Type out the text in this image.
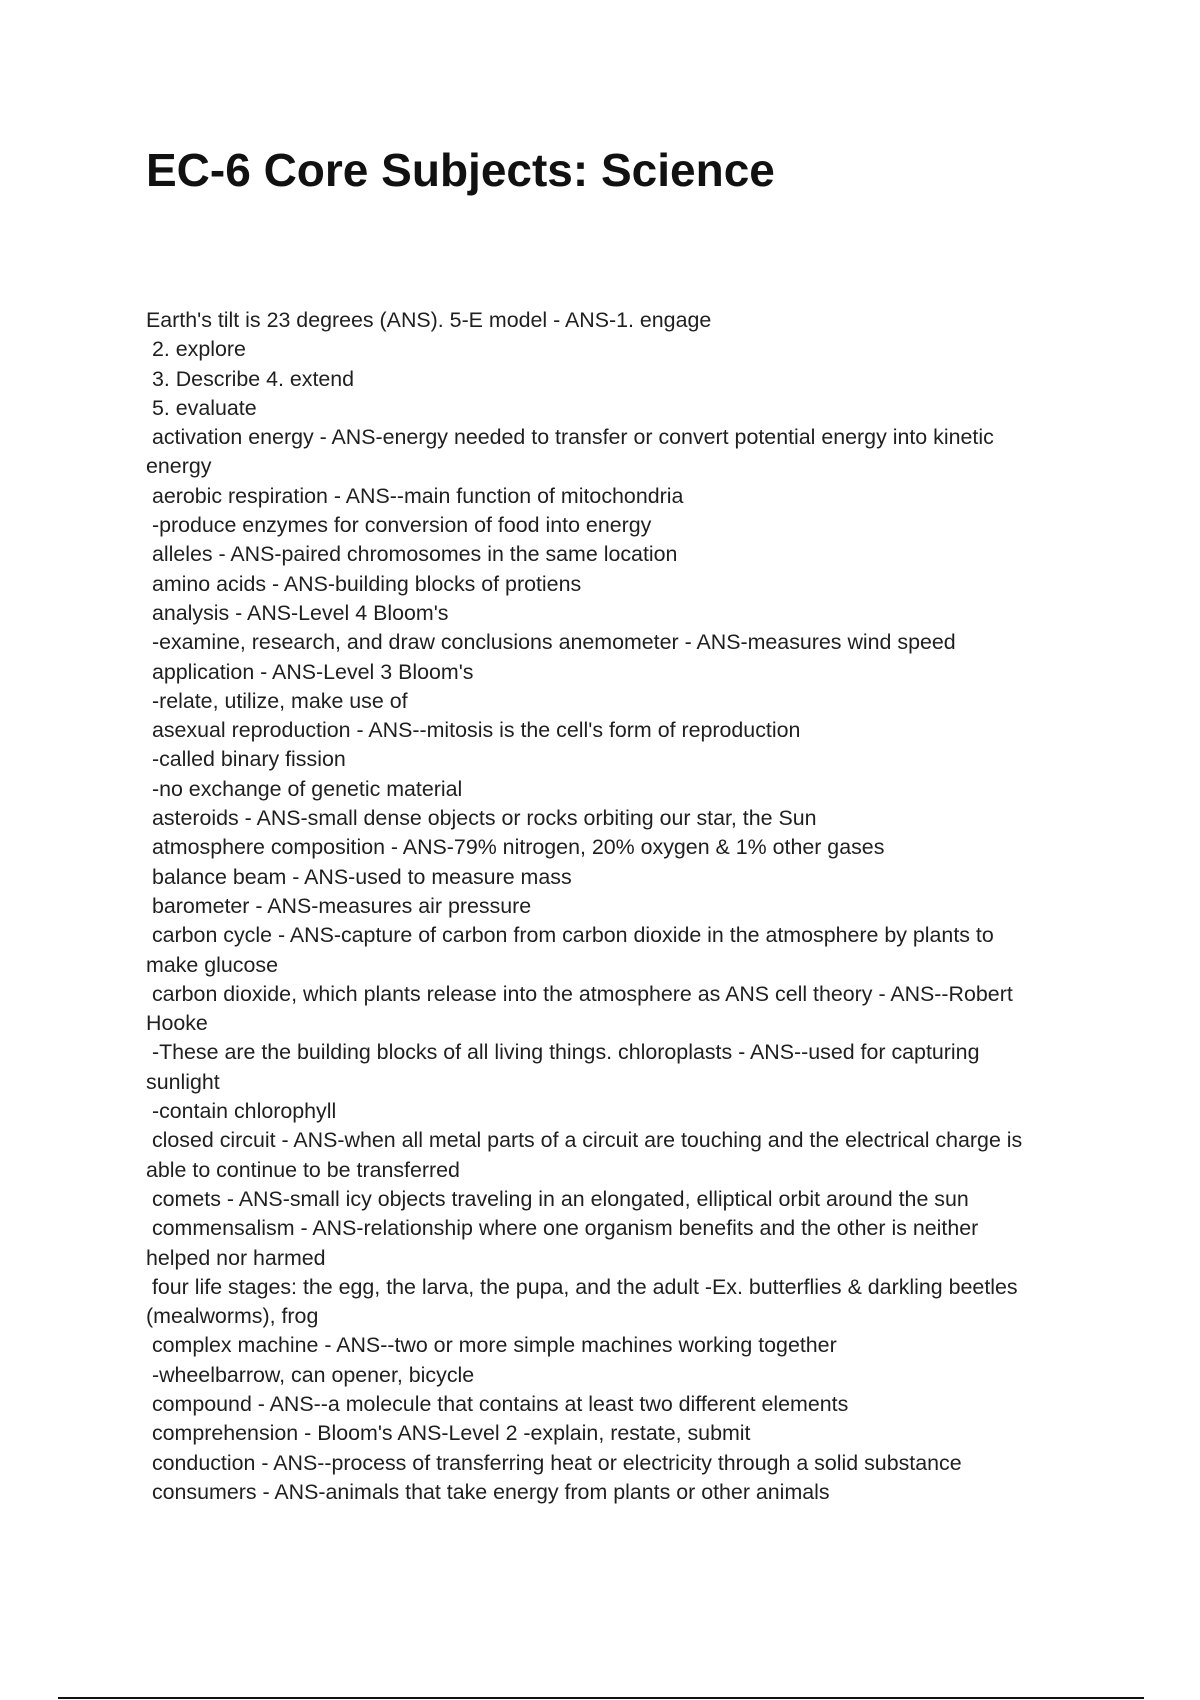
EC-6 Core Subjects: Science
Earth's tilt is 23 degrees (ANS). 5-E model - ANS-1. engage
2. explore
3. Describe 4. extend
5. evaluate
activation energy - ANS-energy needed to transfer or convert potential energy into kinetic
energy
aerobic respiration - ANS--main function of mitochondria
-produce enzymes for conversion of food into energy
alleles - ANS-paired chromosomes in the same location
amino acids - ANS-building blocks of protiens
analysis - ANS-Level 4 Bloom's
-examine, research, and draw conclusions anemometer - ANS-measures wind speed
application - ANS-Level 3 Bloom's
-relate, utilize, make use of
asexual reproduction - ANS--mitosis is the cell's form of reproduction
-called binary fission
-no exchange of genetic material
asteroids - ANS-small dense objects or rocks orbiting our star, the Sun
atmosphere composition - ANS-79% nitrogen, 20% oxygen & 1% other gases
balance beam - ANS-used to measure mass
barometer - ANS-measures air pressure
carbon cycle - ANS-capture of carbon from carbon dioxide in the atmosphere by plants to
make glucose
carbon dioxide, which plants release into the atmosphere as ANS cell theory - ANS--Robert
Hooke
-These are the building blocks of all living things. chloroplasts - ANS--used for capturing
sunlight
-contain chlorophyll
closed circuit - ANS-when all metal parts of a circuit are touching and the electrical charge is
able to continue to be transferred
comets - ANS-small icy objects traveling in an elongated, elliptical orbit around the sun
commensalism - ANS-relationship where one organism benefits and the other is neither
helped nor harmed
four life stages: the egg, the larva, the pupa, and the adult -Ex. butterflies & darkling beetles
(mealworms), frog
complex machine - ANS--two or more simple machines working together
-wheelbarrow, can opener, bicycle
compound - ANS--a molecule that contains at least two different elements
comprehension - Bloom's ANS-Level 2 -explain, restate, submit
conduction - ANS--process of transferring heat or electricity through a solid substance
consumers - ANS-animals that take energy from plants or other animals
